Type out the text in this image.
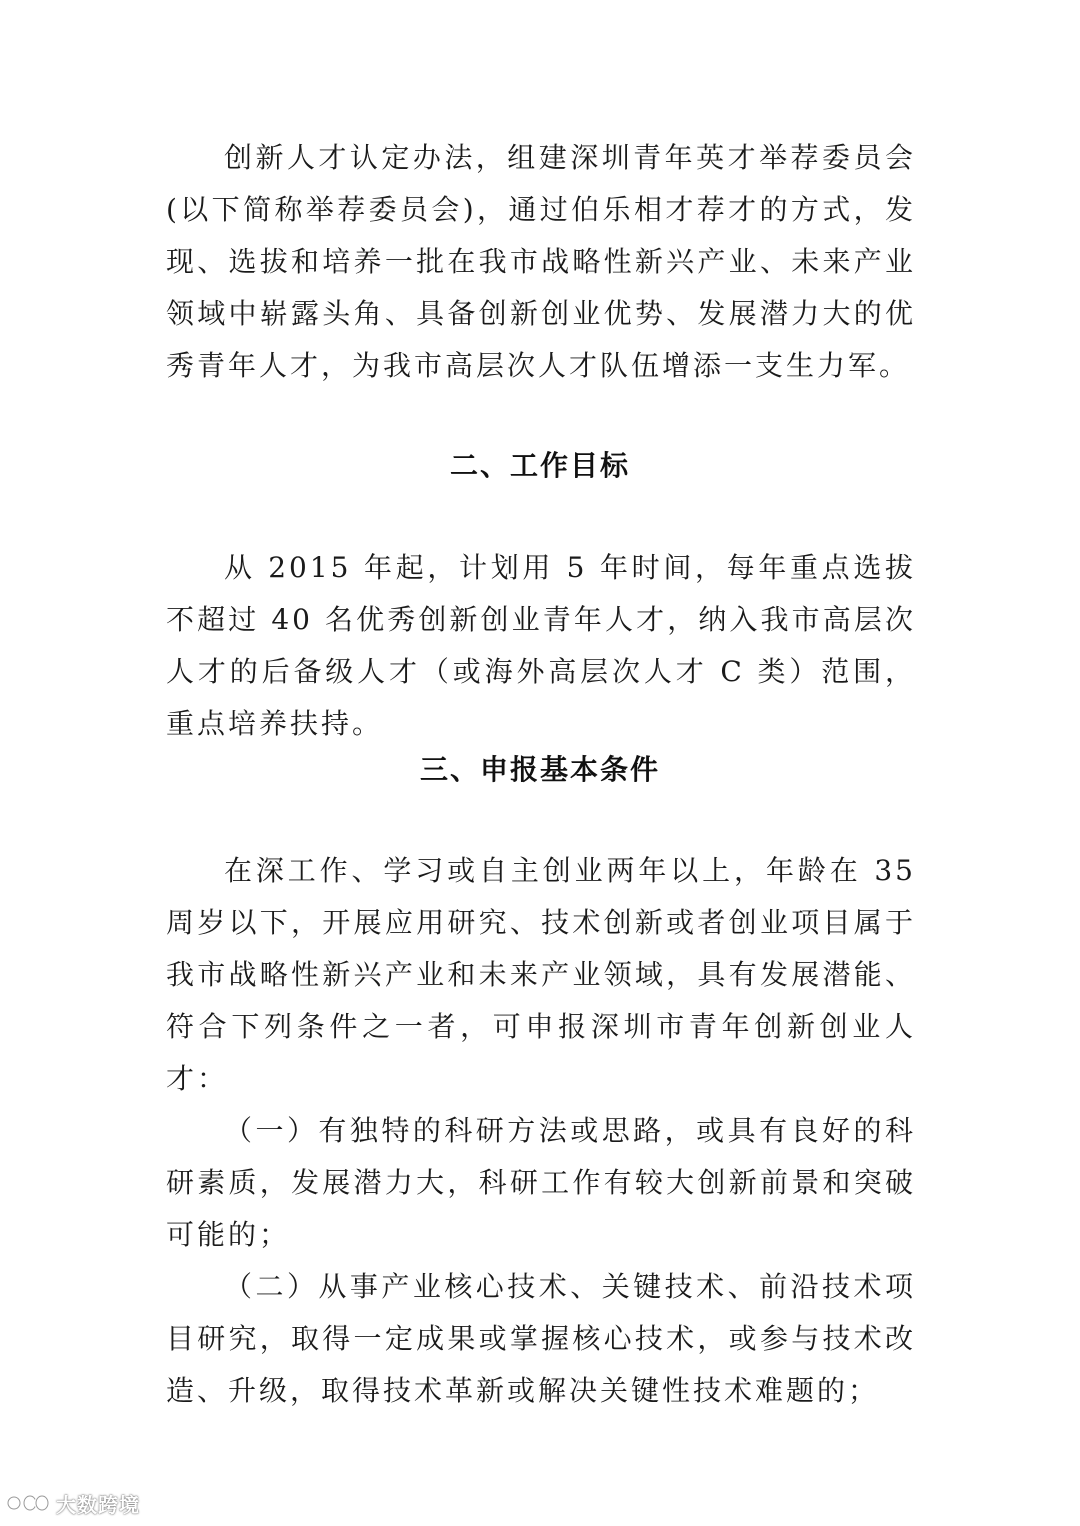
创新人才认定办法，组建深圳青年英才举荐委员会(以下简称举荐委员会)，通过伯乐相才荐才的方式，发现、选拔和培养一批在我市战略性新兴产业、未来产业领域中崭露头角、具备创新创业优势、发展潜力大的优秀青年人才，为我市高层次人才队伍增添一支生力军。

二、工作目标

从 2015 年起，计划用 5 年时间，每年重点选拔不超过 40 名优秀创新创业青年人才，纳入我市高层次人才的后备级人才（或海外高层次人才 C 类）范围，重点培养扶持。

三、申报基本条件

在深工作、学习或自主创业两年以上，年龄在 35 周岁以下，开展应用研究、技术创新或者创业项目属于我市战略性新兴产业和未来产业领域，具有发展潜能、符合下列条件之一者，可申报深圳市青年创新创业人才：

（一）有独特的科研方法或思路，或具有良好的科研素质，发展潜力大，科研工作有较大创新前景和突破可能的；

（二）从事产业核心技术、关键技术、前沿技术项目研究，取得一定成果或掌握核心技术，或参与技术改造、升级，取得技术革新或解决关键性技术难题的；

大数跨境
